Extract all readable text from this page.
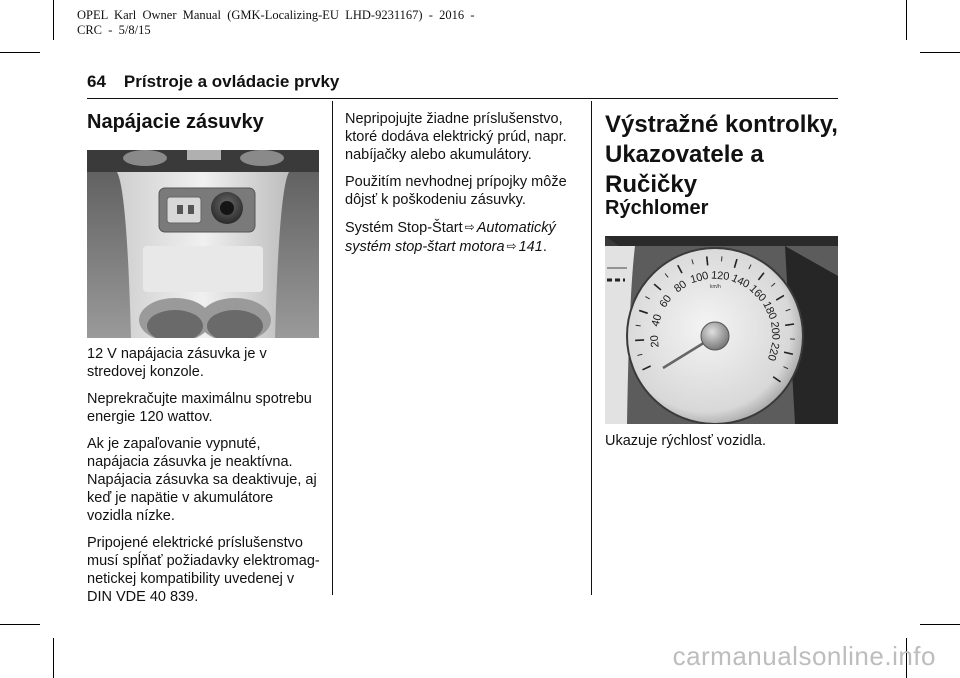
OPEL  Karl  Owner  Manual  (GMK-Localizing-EU  LHD-9231167)  -  2016  -
CRC  -  5/8/15
64 Prístroje a ovládacie prvky
Napájacie zásuvky

12 V napájacia zásuvka je v
stredovej konzole.

Neprekračujte maximálnu spotrebu
energie 120 wattov.

Ak je zapaľovanie vypnuté,
napájacia zásuvka je neaktívna.
Napájacia zásuvka sa deaktivuje, aj
keď je napätie v akumulátore
vozidla nízke.

Pripojené elektrické príslušenstvo
musí spĺňať požiadavky elektromag-
netickej kompatibility uvedenej v
DIN VDE 40 839.

Nepripojujte žiadne príslušenstvo,
ktoré dodáva elektrický prúd, napr.
nabíjačky alebo akumulátory.

Použitím nevhodnej prípojky môže
dôjsť k poškodeniu zásuvky.

Systém Stop-Štart ⇨ Automatický
systém stop-štart motora ⇨ 141.

Výstražné kontrolky,
Ukazovatele a
Ručičky
Rýchlomer
20
40
60
80
100 120 140
160
180
200
220
km/h

Ukazuje rýchlosť vozidla.

carmanualsonline.info
